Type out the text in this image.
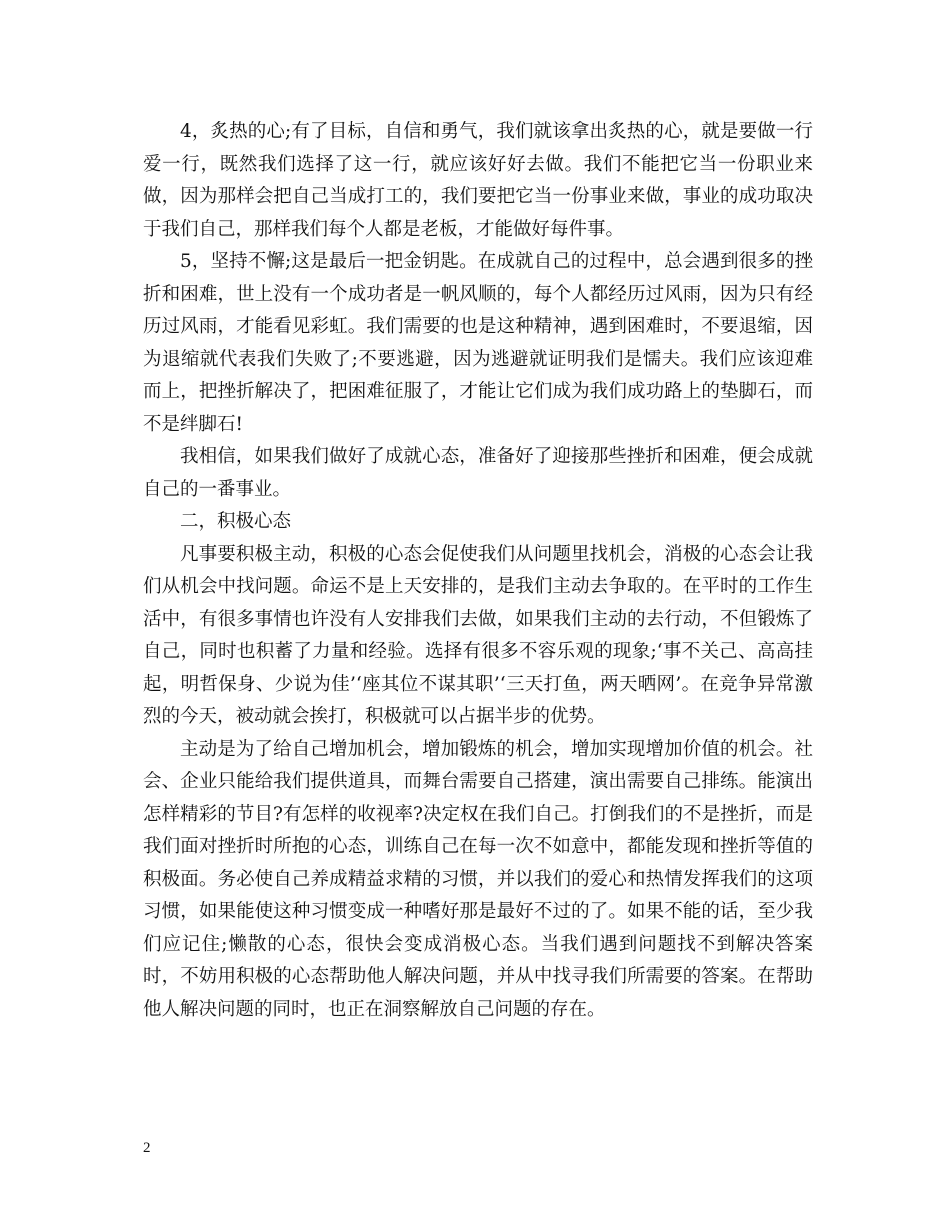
4，炙热的心;有了目标，自信和勇气，我们就该拿出炙热的心，就是要做一行爱一行，既然我们选择了这一行，就应该好好去做。我们不能把它当一份职业来做，因为那样会把自己当成打工的，我们要把它当一份事业来做，事业的成功取决于我们自己，那样我们每个人都是老板，才能做好每件事。

5，坚持不懈;这是最后一把金钥匙。在成就自己的过程中，总会遇到很多的挫折和困难，世上没有一个成功者是一帆风顺的，每个人都经历过风雨，因为只有经历过风雨，才能看见彩虹。我们需要的也是这种精神，遇到困难时，不要退缩，因为退缩就代表我们失败了;不要逃避，因为逃避就证明我们是懦夫。我们应该迎难而上，把挫折解决了，把困难征服了，才能让它们成为我们成功路上的垫脚石，而不是绊脚石!

我相信，如果我们做好了成就心态，准备好了迎接那些挫折和困难，便会成就自己的一番事业。

二，积极心态

凡事要积极主动，积极的心态会促使我们从问题里找机会，消极的心态会让我们从机会中找问题。命运不是上天安排的，是我们主动去争取的。在平时的工作生活中，有很多事情也许没有人安排我们去做，如果我们主动的去行动，不但锻炼了自己，同时也积蓄了力量和经验。选择有很多不容乐观的现象;‘事不关己、高高挂起，明哲保身、少说为佳’‘座其位不谋其职’‘三天打鱼，两天晒网’。在竞争异常激烈的今天，被动就会挨打，积极就可以占据半步的优势。

主动是为了给自己增加机会，增加锻炼的机会，增加实现增加价值的机会。社会、企业只能给我们提供道具，而舞台需要自己搭建，演出需要自己排练。能演出怎样精彩的节目?有怎样的收视率?决定权在我们自己。打倒我们的不是挫折，而是我们面对挫折时所抱的心态，训练自己在每一次不如意中，都能发现和挫折等值的积极面。务必使自己养成精益求精的习惯，并以我们的爱心和热情发挥我们的这项习惯，如果能使这种习惯变成一种嗜好那是最好不过的了。如果不能的话，至少我们应记住;懒散的心态，很快会变成消极心态。当我们遇到问题找不到解决答案时，不妨用积极的心态帮助他人解决问题，并从中找寻我们所需要的答案。在帮助他人解决问题的同时，也正在洞察解放自己问题的存在。

2
